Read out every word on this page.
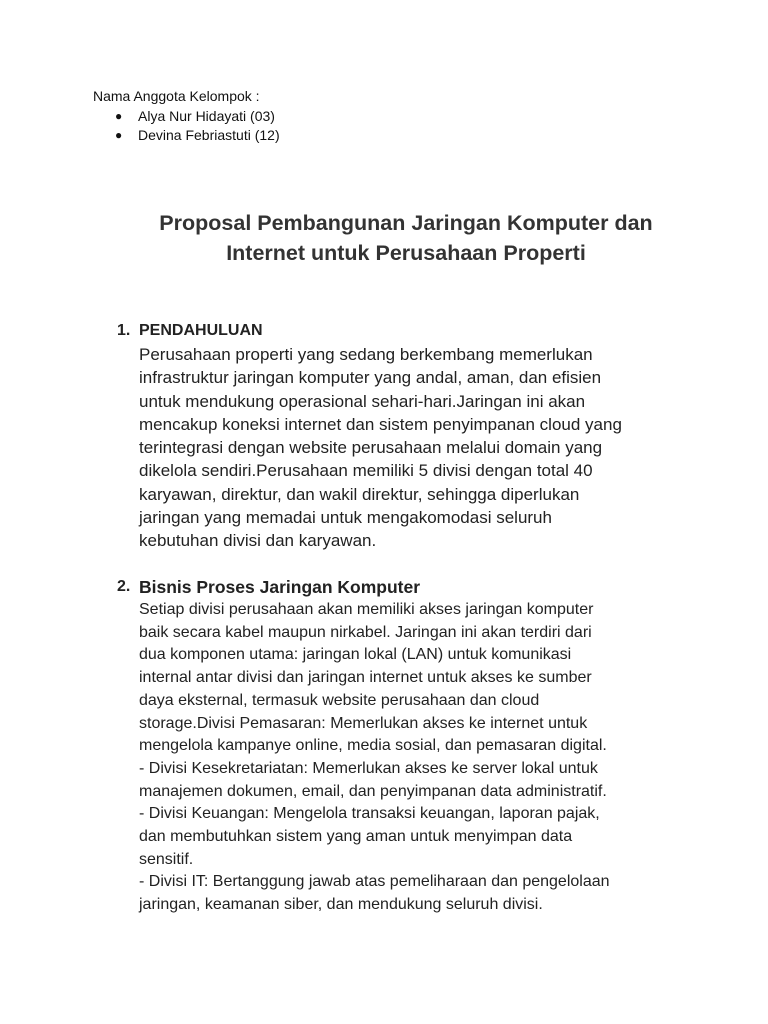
Nama Anggota Kelompok :
● Alya Nur Hidayati (03)
● Devina Febriastuti (12)
Proposal Pembangunan Jaringan Komputer dan
Internet untuk Perusahaan Properti
1. PENDAHULUAN
Perusahaan properti yang sedang berkembang memerlukan
infrastruktur jaringan komputer yang andal, aman, dan efisien
untuk mendukung operasional sehari-hari.Jaringan ini akan
mencakup koneksi internet dan sistem penyimpanan cloud yang
terintegrasi dengan website perusahaan melalui domain yang
dikelola sendiri.Perusahaan memiliki 5 divisi dengan total 40
karyawan, direktur, dan wakil direktur, sehingga diperlukan
jaringan yang memadai untuk mengakomodasi seluruh
kebutuhan divisi dan karyawan.
2. Bisnis Proses Jaringan Komputer
Setiap divisi perusahaan akan memiliki akses jaringan komputer
baik secara kabel maupun nirkabel. Jaringan ini akan terdiri dari
dua komponen utama: jaringan lokal (LAN) untuk komunikasi
internal antar divisi dan jaringan internet untuk akses ke sumber
daya eksternal, termasuk website perusahaan dan cloud
storage.Divisi Pemasaran: Memerlukan akses ke internet untuk
mengelola kampanye online, media sosial, dan pemasaran digital.
- Divisi Kesekretariatan: Memerlukan akses ke server lokal untuk
manajemen dokumen, email, dan penyimpanan data administratif.
- Divisi Keuangan: Mengelola transaksi keuangan, laporan pajak,
dan membutuhkan sistem yang aman untuk menyimpan data
sensitif.
- Divisi IT: Bertanggung jawab atas pemeliharaan dan pengelolaan
jaringan, keamanan siber, dan mendukung seluruh divisi.
